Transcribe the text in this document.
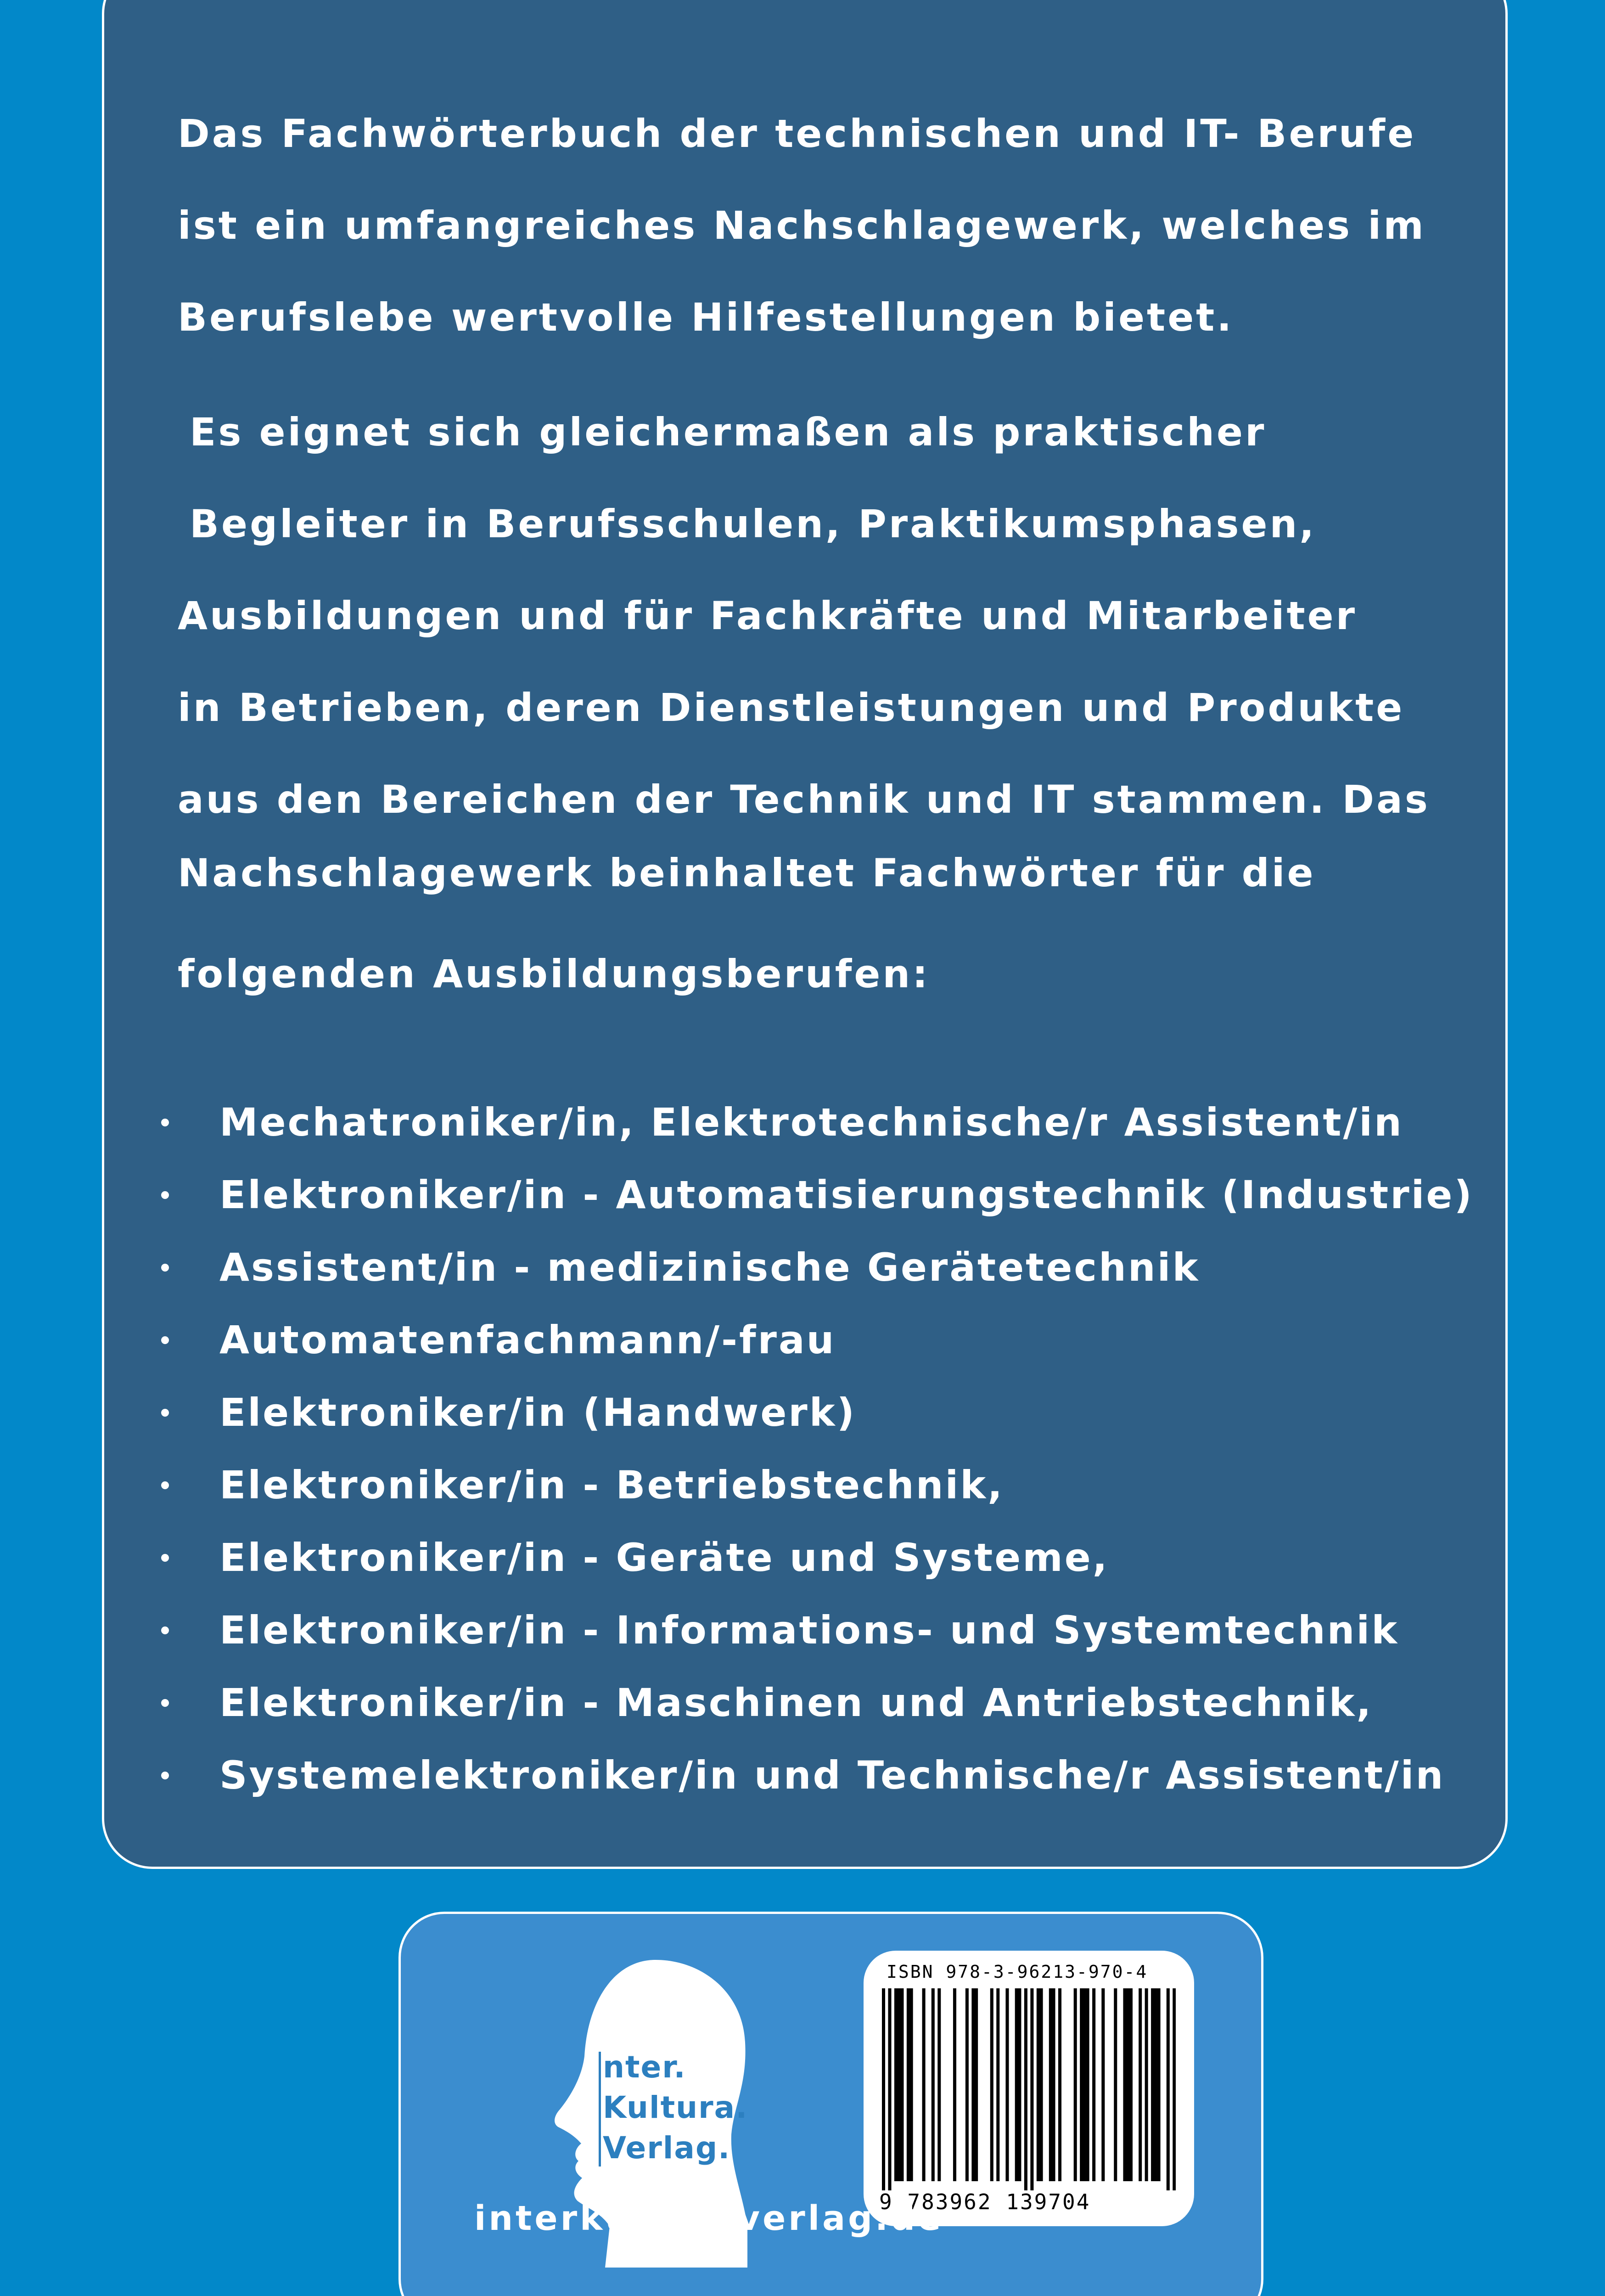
Das Fachwörterbuch der technischen und IT- Berufe
ist ein umfangreiches Nachschlagewerk, welches im
Berufslebe wertvolle Hilfestellungen bietet.

Es eignet sich gleichermaßen als praktischer
Begleiter in Berufsschulen, Praktikumsphasen,
Ausbildungen und für Fachkräfte und Mitarbeiter
in Betrieben, deren Dienstleistungen und Produkte
aus den Bereichen der Technik und IT stammen. Das
Nachschlagewerk beinhaltet Fachwörter für die
folgenden Ausbildungsberufen:

Mechatroniker/in, Elektrotechnische/r Assistent/in
Elektroniker/in - Automatisierungstechnik (Industrie)
Assistent/in - medizinische Gerätetechnik
Automatenfachmann/-frau
Elektroniker/in (Handwerk)
Elektroniker/in - Betriebstechnik,
Elektroniker/in - Geräte und Systeme,
Elektroniker/in - Informations- und Systemtechnik
Elektroniker/in - Maschinen und Antriebstechnik,
Systemelektroniker/in und Technische/r Assistent/in
nter.
Kultura.
Verlag.
ISBN 978-3-96213-970-4
9 783962 139704
interkulturaverlag.de
